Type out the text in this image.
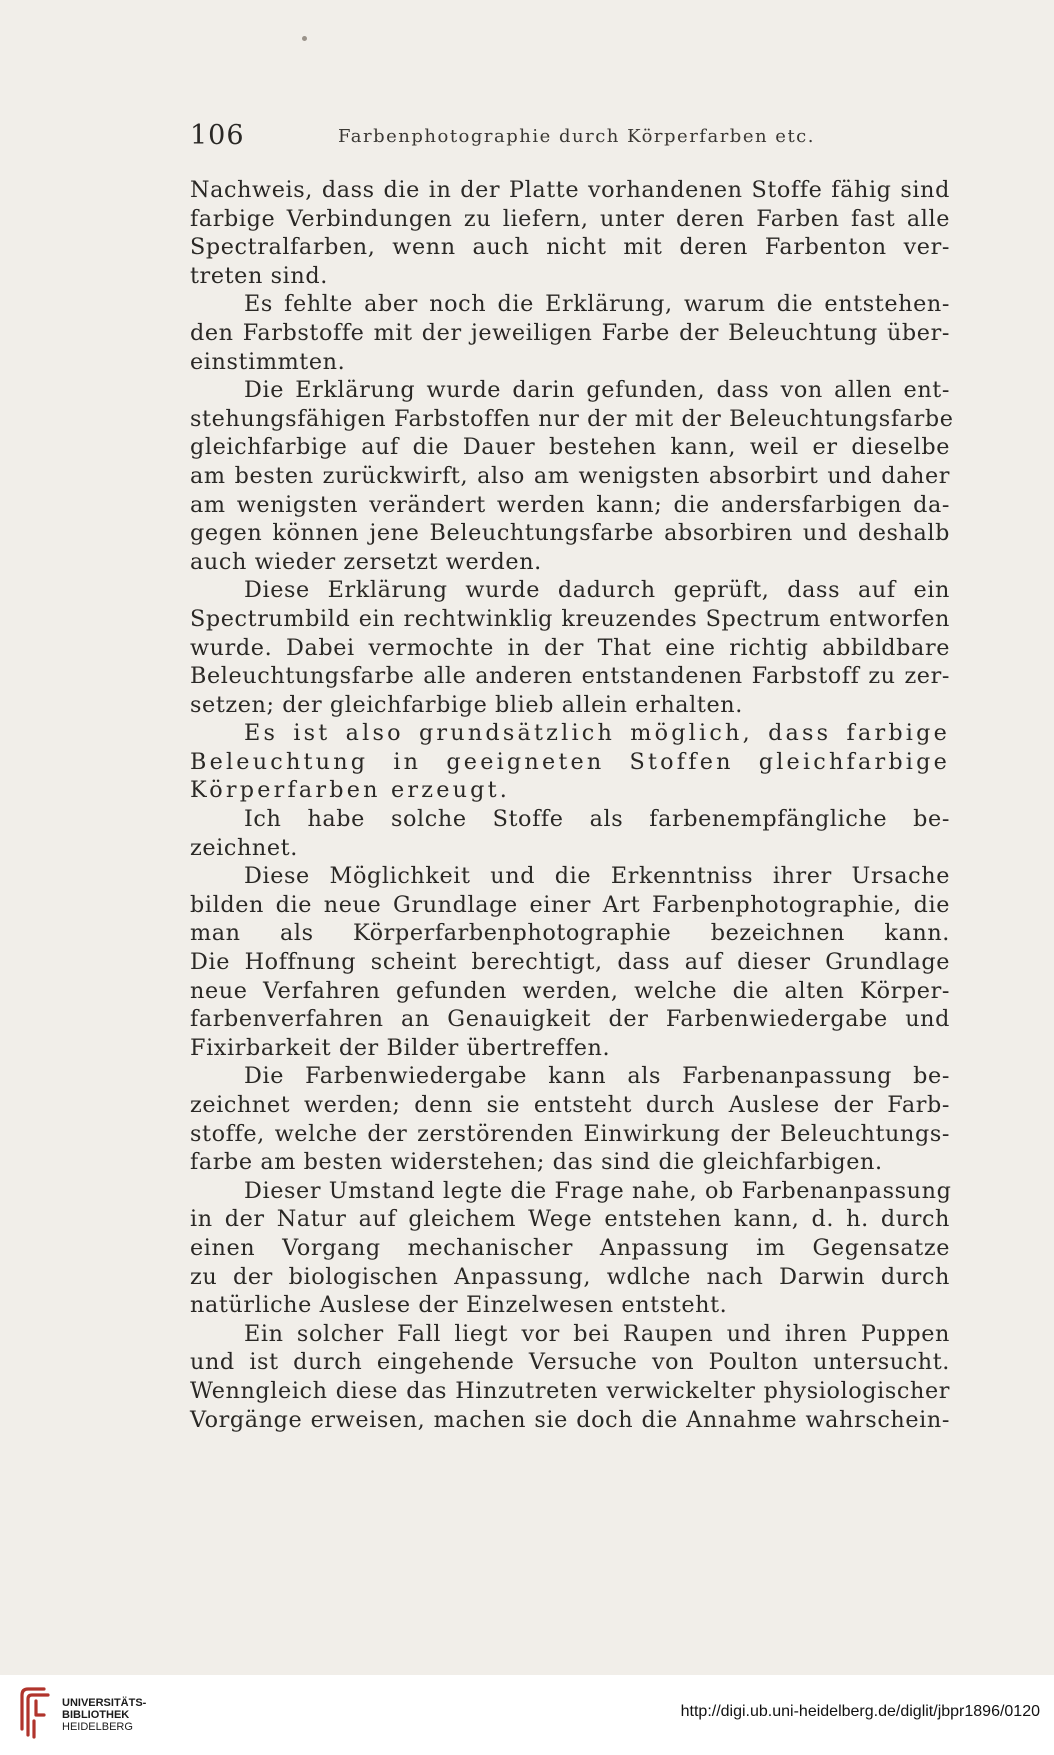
106	Farbenphotographie durch Körperfarben etc.
Nachweis, dass die in der Platte vorhandenen Stoffe fähig sind
farbige Verbindungen zu liefern, unter deren Farben fast alle
Spectralfarben, wenn auch nicht mit deren Farbenton ver-
treten sind.
Es fehlte aber noch die Erklärung, warum die entstehen-
den Farbstoffe mit der jeweiligen Farbe der Beleuchtung über-
einstimmten.
Die Erklärung wurde darin gefunden, dass von allen ent-
stehungsfähigen Farbstoffen nur der mit der Beleuchtungsfarbe
gleichfarbige auf die Dauer bestehen kann, weil er dieselbe
am besten zurückwirft, also am wenigsten absorbirt und daher
am wenigsten verändert werden kann; die andersfarbigen da-
gegen können jene Beleuchtungsfarbe absorbiren und deshalb
auch wieder zersetzt werden.
Diese Erklärung wurde dadurch geprüft, dass auf ein
Spectrumbild ein rechtwinklig kreuzendes Spectrum entworfen
wurde. Dabei vermochte in der That eine richtig abbildbare
Beleuchtungsfarbe alle anderen entstandenen Farbstoff zu zer-
setzen; der gleichfarbige blieb allein erhalten.
Es ist also grundsätzlich möglich, dass farbige
Beleuchtung in geeigneten Stoffen gleichfarbige
Körperfarben erzeugt.
Ich habe solche Stoffe als farbenempfängliche be-
zeichnet.
Diese Möglichkeit und die Erkenntniss ihrer Ursache
bilden die neue Grundlage einer Art Farbenphotographie, die
man als Körperfarbenphotographie bezeichnen kann.
Die Hoffnung scheint berechtigt, dass auf dieser Grundlage
neue Verfahren gefunden werden, welche die alten Körper-
farbenverfahren an Genauigkeit der Farbenwiedergabe und
Fixirbarkeit der Bilder übertreffen.
Die Farbenwiedergabe kann als Farbenanpassung be-
zeichnet werden; denn sie entsteht durch Auslese der Farb-
stoffe, welche der zerstörenden Einwirkung der Beleuchtungs-
farbe am besten widerstehen; das sind die gleichfarbigen.
Dieser Umstand legte die Frage nahe, ob Farbenanpassung
in der Natur auf gleichem Wege entstehen kann, d. h. durch
einen Vorgang mechanischer Anpassung im Gegensatze
zu der biologischen Anpassung, wdlche nach Darwin durch
natürliche Auslese der Einzelwesen entsteht.
Ein solcher Fall liegt vor bei Raupen und ihren Puppen
und ist durch eingehende Versuche von Poulton untersucht.
Wenngleich diese das Hinzutreten verwickelter physiologischer
Vorgänge erweisen, machen sie doch die Annahme wahrschein-
UNIVERSITÄTS-
BIBLIOTHEK
HEIDELBERG
http://digi.ub.uni-heidelberg.de/diglit/jbpr1896/0120
